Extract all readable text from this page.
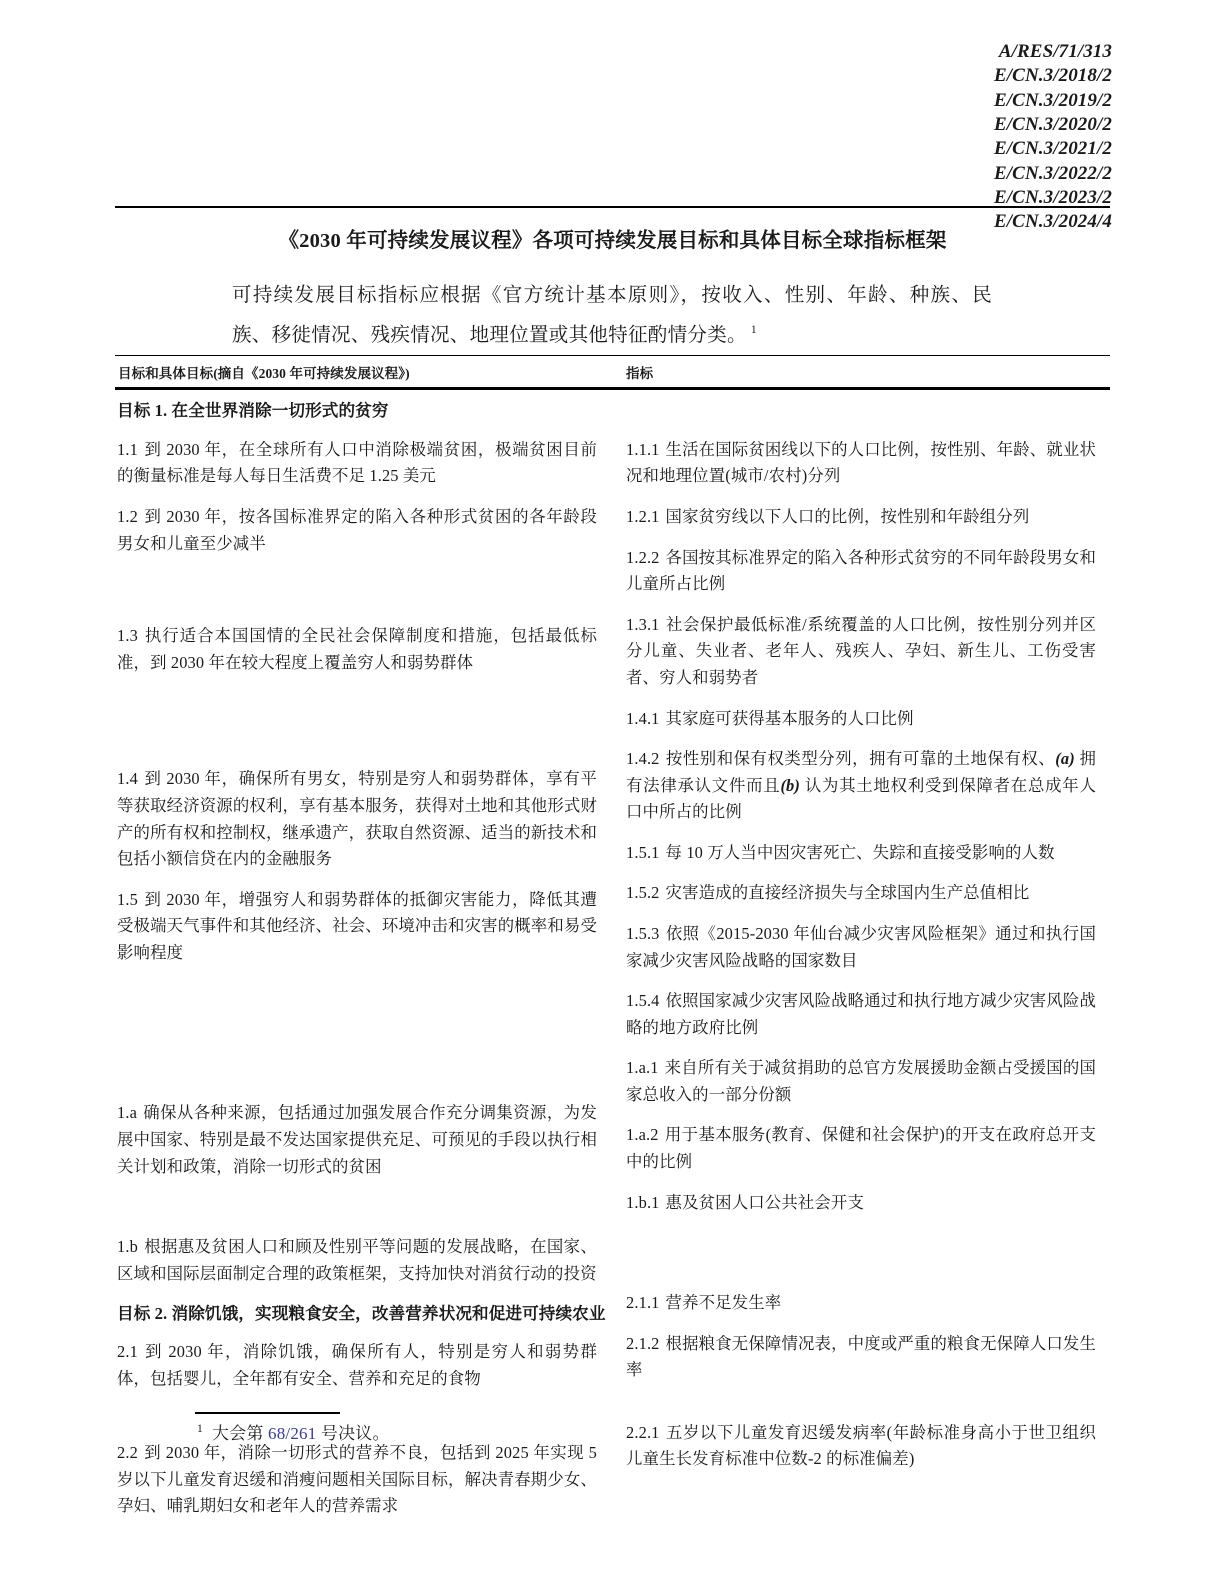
A/RES/71/313
E/CN.3/2018/2
E/CN.3/2019/2
E/CN.3/2020/2
E/CN.3/2021/2
E/CN.3/2022/2
E/CN.3/2023/2
E/CN.3/2024/4
《2030 年可持续发展议程》各项可持续发展目标和具体目标全球指标框架
可持续发展目标指标应根据《官方统计基本原则》，按收入、性别、年龄、种族、民族、移徙情况、残疾情况、地理位置或其他特征酌情分类。 $^1$
目标和具体目标(摘自《2030 年可持续发展议程》)	指标
目标 1. 在全世界消除一切形式的贫穷

1.1 到 2030 年，在全球所有人口中消除极端贫困，极端贫困目前的衡量标准是每人每日生活费不足 1.25 美元

1.2 到 2030 年，按各国标准界定的陷入各种形式贫困的各年龄段男女和儿童至少减半

1.3 执行适合本国国情的全民社会保障制度和措施，包括最低标准，到 2030 年在较大程度上覆盖穷人和弱势群体

1.4 到 2030 年，确保所有男女，特别是穷人和弱势群体，享有平等获取经济资源的权利，享有基本服务，获得对土地和其他形式财产的所有权和控制权，继承遗产，获取自然资源、适当的新技术和包括小额信贷在内的金融服务

1.5 到 2030 年，增强穷人和弱势群体的抵御灾害能力，降低其遭受极端天气事件和其他经济、社会、环境冲击和灾害的概率和易受影响程度

1.a 确保从各种来源，包括通过加强发展合作充分调集资源，为发展中国家、特别是最不发达国家提供充足、可预见的手段以执行相关计划和政策，消除一切形式的贫困

1.b 根据惠及贫困人口和顾及性别平等问题的发展战略，在国家、区域和国际层面制定合理的政策框架，支持加快对消贫行动的投资

目标 2. 消除饥饿，实现粮食安全，改善营养状况和促进可持续农业

2.1 到 2030 年，消除饥饿，确保所有人，特别是穷人和弱势群体，包括婴儿，全年都有安全、营养和充足的食物

2.2 到 2030 年，消除一切形式的营养不良，包括到 2025 年实现 5 岁以下儿童发育迟缓和消瘦问题相关国际目标，解决青春期少女、孕妇、哺乳期妇女和老年人的营养需求

1.1.1 生活在国际贫困线以下的人口比例，按性别、年龄、就业状况和地理位置(城市/农村)分列

1.2.1 国家贫穷线以下人口的比例，按性别和年龄组分列

1.2.2 各国按其标准界定的陷入各种形式贫穷的不同年龄段男女和儿童所占比例

1.3.1 社会保护最低标准/系统覆盖的人口比例，按性别分列并区分儿童、失业者、老年人、残疾人、孕妇、新生儿、工伤受害者、穷人和弱势者

1.4.1 其家庭可获得基本服务的人口比例

1.4.2 按性别和保有权类型分列，拥有可靠的土地保有权、(a) 拥有法律承认文件而且(b) 认为其土地权利受到保障者在总成年人口中所占的比例

1.5.1 每 10 万人当中因灾害死亡、失踪和直接受影响的人数

1.5.2 灾害造成的直接经济损失与全球国内生产总值相比

1.5.3 依照《2015-2030 年仙台减少灾害风险框架》通过和执行国家减少灾害风险战略的国家数目

1.5.4 依照国家减少灾害风险战略通过和执行地方减少灾害风险战略的地方政府比例

1.a.1 来自所有关于减贫捐助的总官方发展援助金额占受援国的国家总收入的一部分份额

1.a.2 用于基本服务(教育、保健和社会保护)的开支在政府总开支中的比例

1.b.1 惠及贫困人口公共社会开支

2.1.1 营养不足发生率

2.1.2 根据粮食无保障情况表，中度或严重的粮食无保障人口发生率

2.2.1 五岁以下儿童发育迟缓发病率(年龄标准身高小于世卫组织儿童生长发育标准中位数-2 的标准偏差)

$^1$ 大会第 68/261 号决议。
